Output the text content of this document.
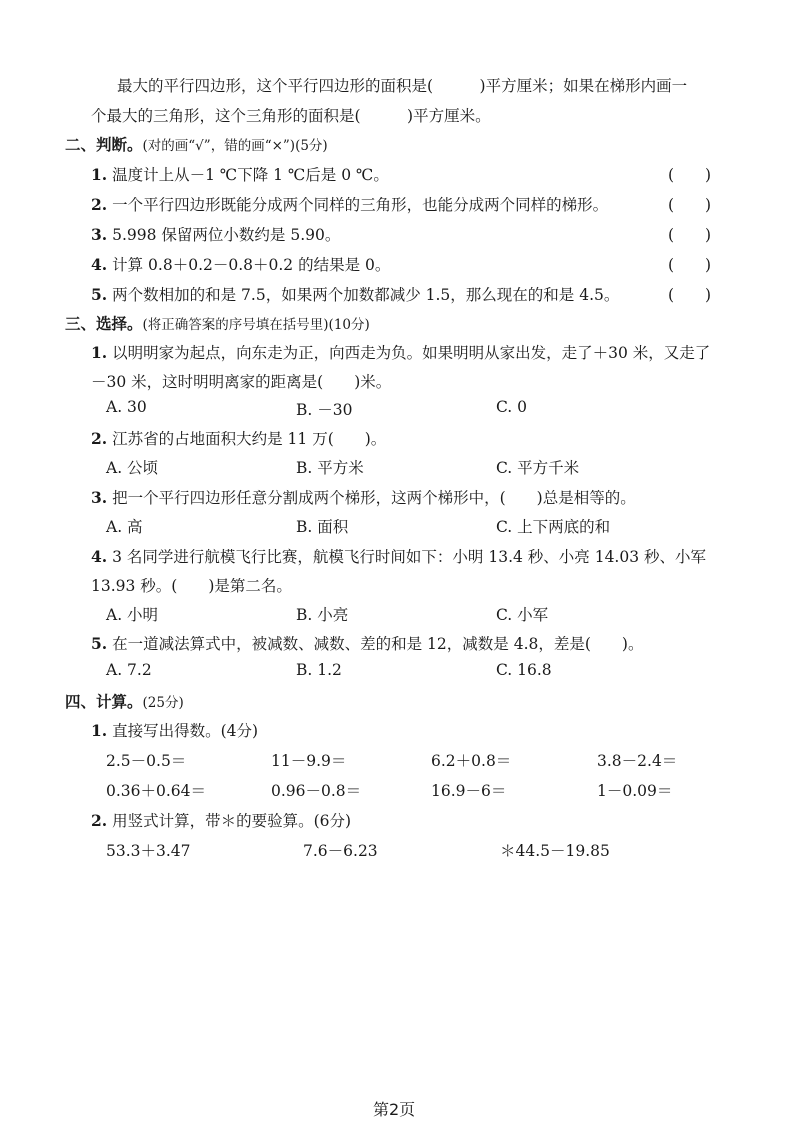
最大的平行四边形，这个平行四边形的面积是(　　　)平方厘米；如果在梯形内画一
个最大的三角形，这个三角形的面积是(　　　)平方厘米。
二、判断。(对的画“√”，错的画“×”)(5分)
1. 温度计上从－1 ℃下降 1 ℃后是 0 ℃。	(　　)
2. 一个平行四边形既能分成两个同样的三角形，也能分成两个同样的梯形。	(　　)
3. 5.998 保留两位小数约是 5.90。	(　　)
4. 计算 0.8＋0.2－0.8＋0.2 的结果是 0。	(　　)
5. 两个数相加的和是 7.5，如果两个加数都减少 1.5，那么现在的和是 4.5。	(　　)
三、选择。(将正确答案的序号填在括号里)(10分)
1. 以明明家为起点，向东走为正，向西走为负。如果明明从家出发，走了＋30 米，又走了
－30 米，这时明明离家的距离是(　　)米。
A. 30	B. －30	C. 0
2. 江苏省的占地面积大约是 11 万(　　)。
A. 公顷	B. 平方米	C. 平方千米
3. 把一个平行四边形任意分割成两个梯形，这两个梯形中，(　　)总是相等的。
A. 高	B. 面积	C. 上下两底的和
4. 3 名同学进行航模飞行比赛，航模飞行时间如下：小明 13.4 秒、小亮 14.03 秒、小军
13.93 秒。(　　)是第二名。
A. 小明	B. 小亮	C. 小军
5. 在一道减法算式中，被减数、减数、差的和是 12，减数是 4.8，差是(　　)。
A. 7.2	B. 1.2	C. 16.8
四、计算。(25分)
1. 直接写出得数。(4分)
2.5－0.5＝	11－9.9＝	6.2＋0.8＝	3.8－2.4＝
0.36＋0.64＝	0.96－0.8＝	16.9－6＝	1－0.09＝
2. 用竖式计算，带＊的要验算。(6分)
53.3＋3.47	7.6－6.23	＊44.5－19.85
第2页
